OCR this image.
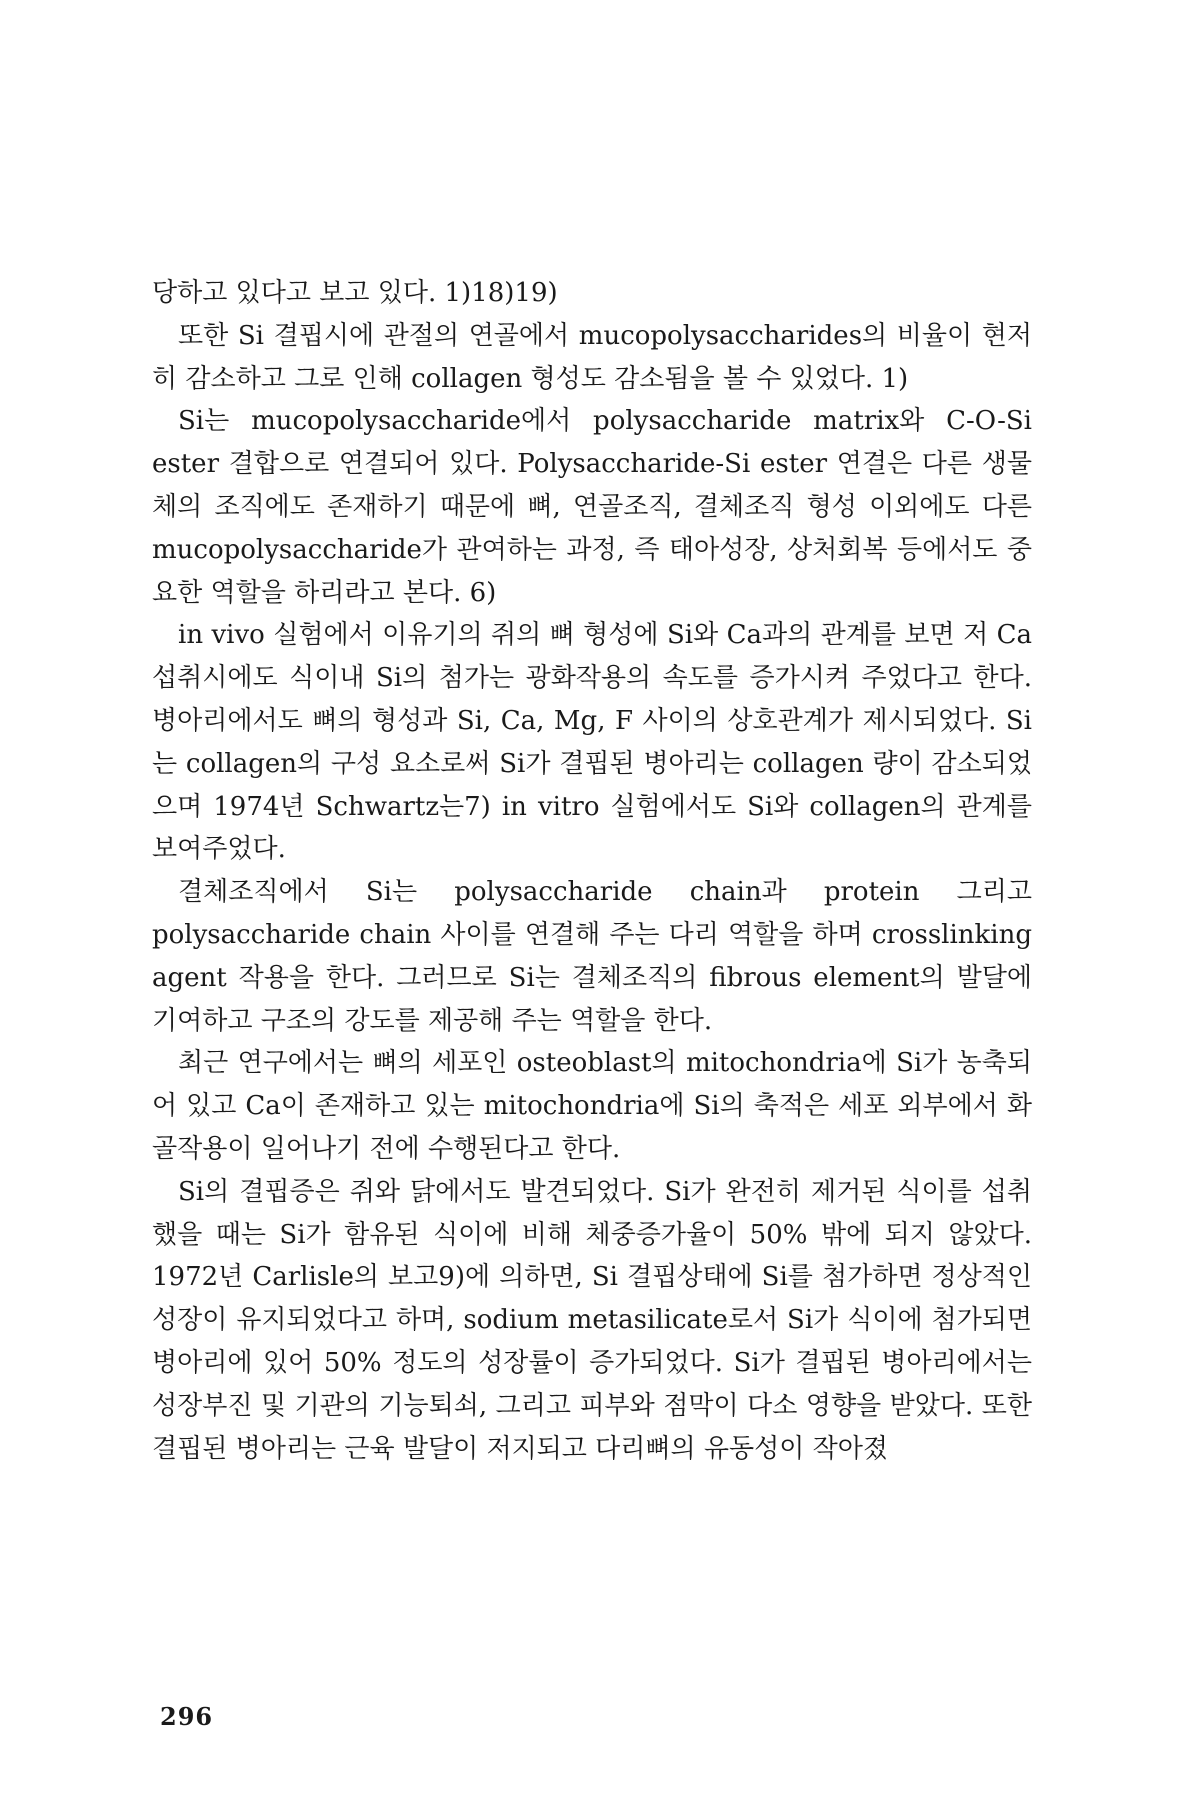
당하고 있다고 보고 있다. 1)18)19)

또한 Si 결핍시에 관절의 연골에서 mucopolysaccharides의 비율이 현저히 감소하고 그로 인해 collagen 형성도 감소됨을 볼 수 있었다. 1)

Si는 mucopolysaccharide에서 polysaccharide matrix와 C-O-Si ester 결합으로 연결되어 있다. Polysaccharide-Si ester 연결은 다른 생물체의 조직에도 존재하기 때문에 뼈, 연골조직, 결체조직 형성 이외에도 다른 mucopolysaccharide가 관여하는 과정, 즉 태아성장, 상처회복 등에서도 중요한 역할을 하리라고 본다. 6)

in vivo 실험에서 이유기의 쥐의 뼈 형성에 Si와 Ca과의 관계를 보면 저 Ca 섭취시에도 식이내 Si의 첨가는 광화작용의 속도를 증가시켜 주었다고 한다. 병아리에서도 뼈의 형성과 Si, Ca, Mg, F 사이의 상호관계가 제시되었다. Si는 collagen의 구성 요소로써 Si가 결핍된 병아리는 collagen 량이 감소되었으며 1974년 Schwartz는7) in vitro 실험에서도 Si와 collagen의 관계를 보여주었다.

결체조직에서 Si는 polysaccharide chain과 protein 그리고 polysaccharide chain 사이를 연결해 주는 다리 역할을 하며 crosslinking agent 작용을 한다. 그러므로 Si는 결체조직의 fibrous element의 발달에 기여하고 구조의 강도를 제공해 주는 역할을 한다.

최근 연구에서는 뼈의 세포인 osteoblast의 mitochondria에 Si가 농축되어 있고 Ca이 존재하고 있는 mitochondria에 Si의 축적은 세포 외부에서 화골작용이 일어나기 전에 수행된다고 한다.

Si의 결핍증은 쥐와 닭에서도 발견되었다. Si가 완전히 제거된 식이를 섭취했을 때는 Si가 함유된 식이에 비해 체중증가율이 50% 밖에 되지 않았다. 1972년 Carlisle의 보고9)에 의하면, Si 결핍상태에 Si를 첨가하면 정상적인 성장이 유지되었다고 하며, sodium metasilicate로서 Si가 식이에 첨가되면 병아리에 있어 50% 정도의 성장률이 증가되었다. Si가 결핍된 병아리에서는 성장부진 및 기관의 기능퇴쇠, 그리고 피부와 점막이 다소 영향을 받았다. 또한 결핍된 병아리는 근육 발달이 저지되고 다리뼈의 유동성이 작아졌

296
